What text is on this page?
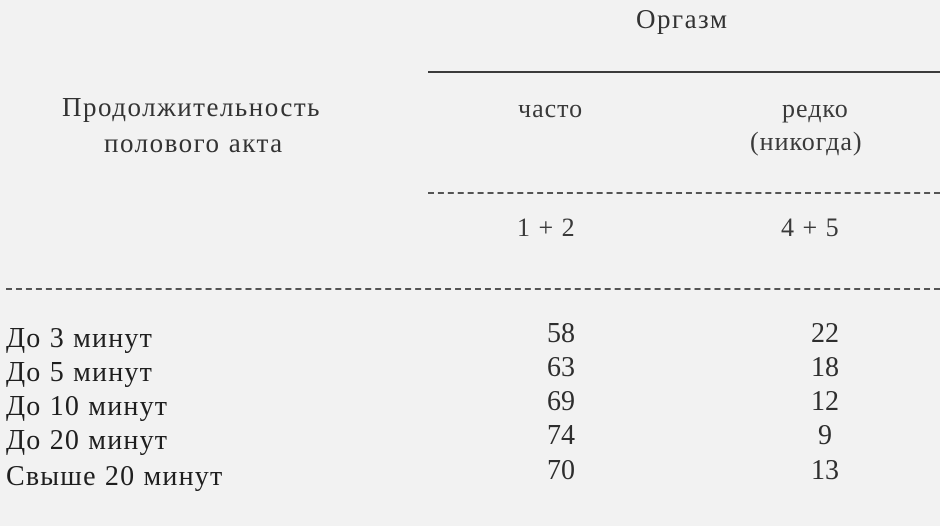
Оргазм
Продолжительность
полового акта
часто	редко
(никогда)
1 + 2	4 + 5
До 3 минут	58	22
До 5 минут	63	18
До 10 минут	69	12
До 20 минут	74	9
Свыше 20 минут	70	13
